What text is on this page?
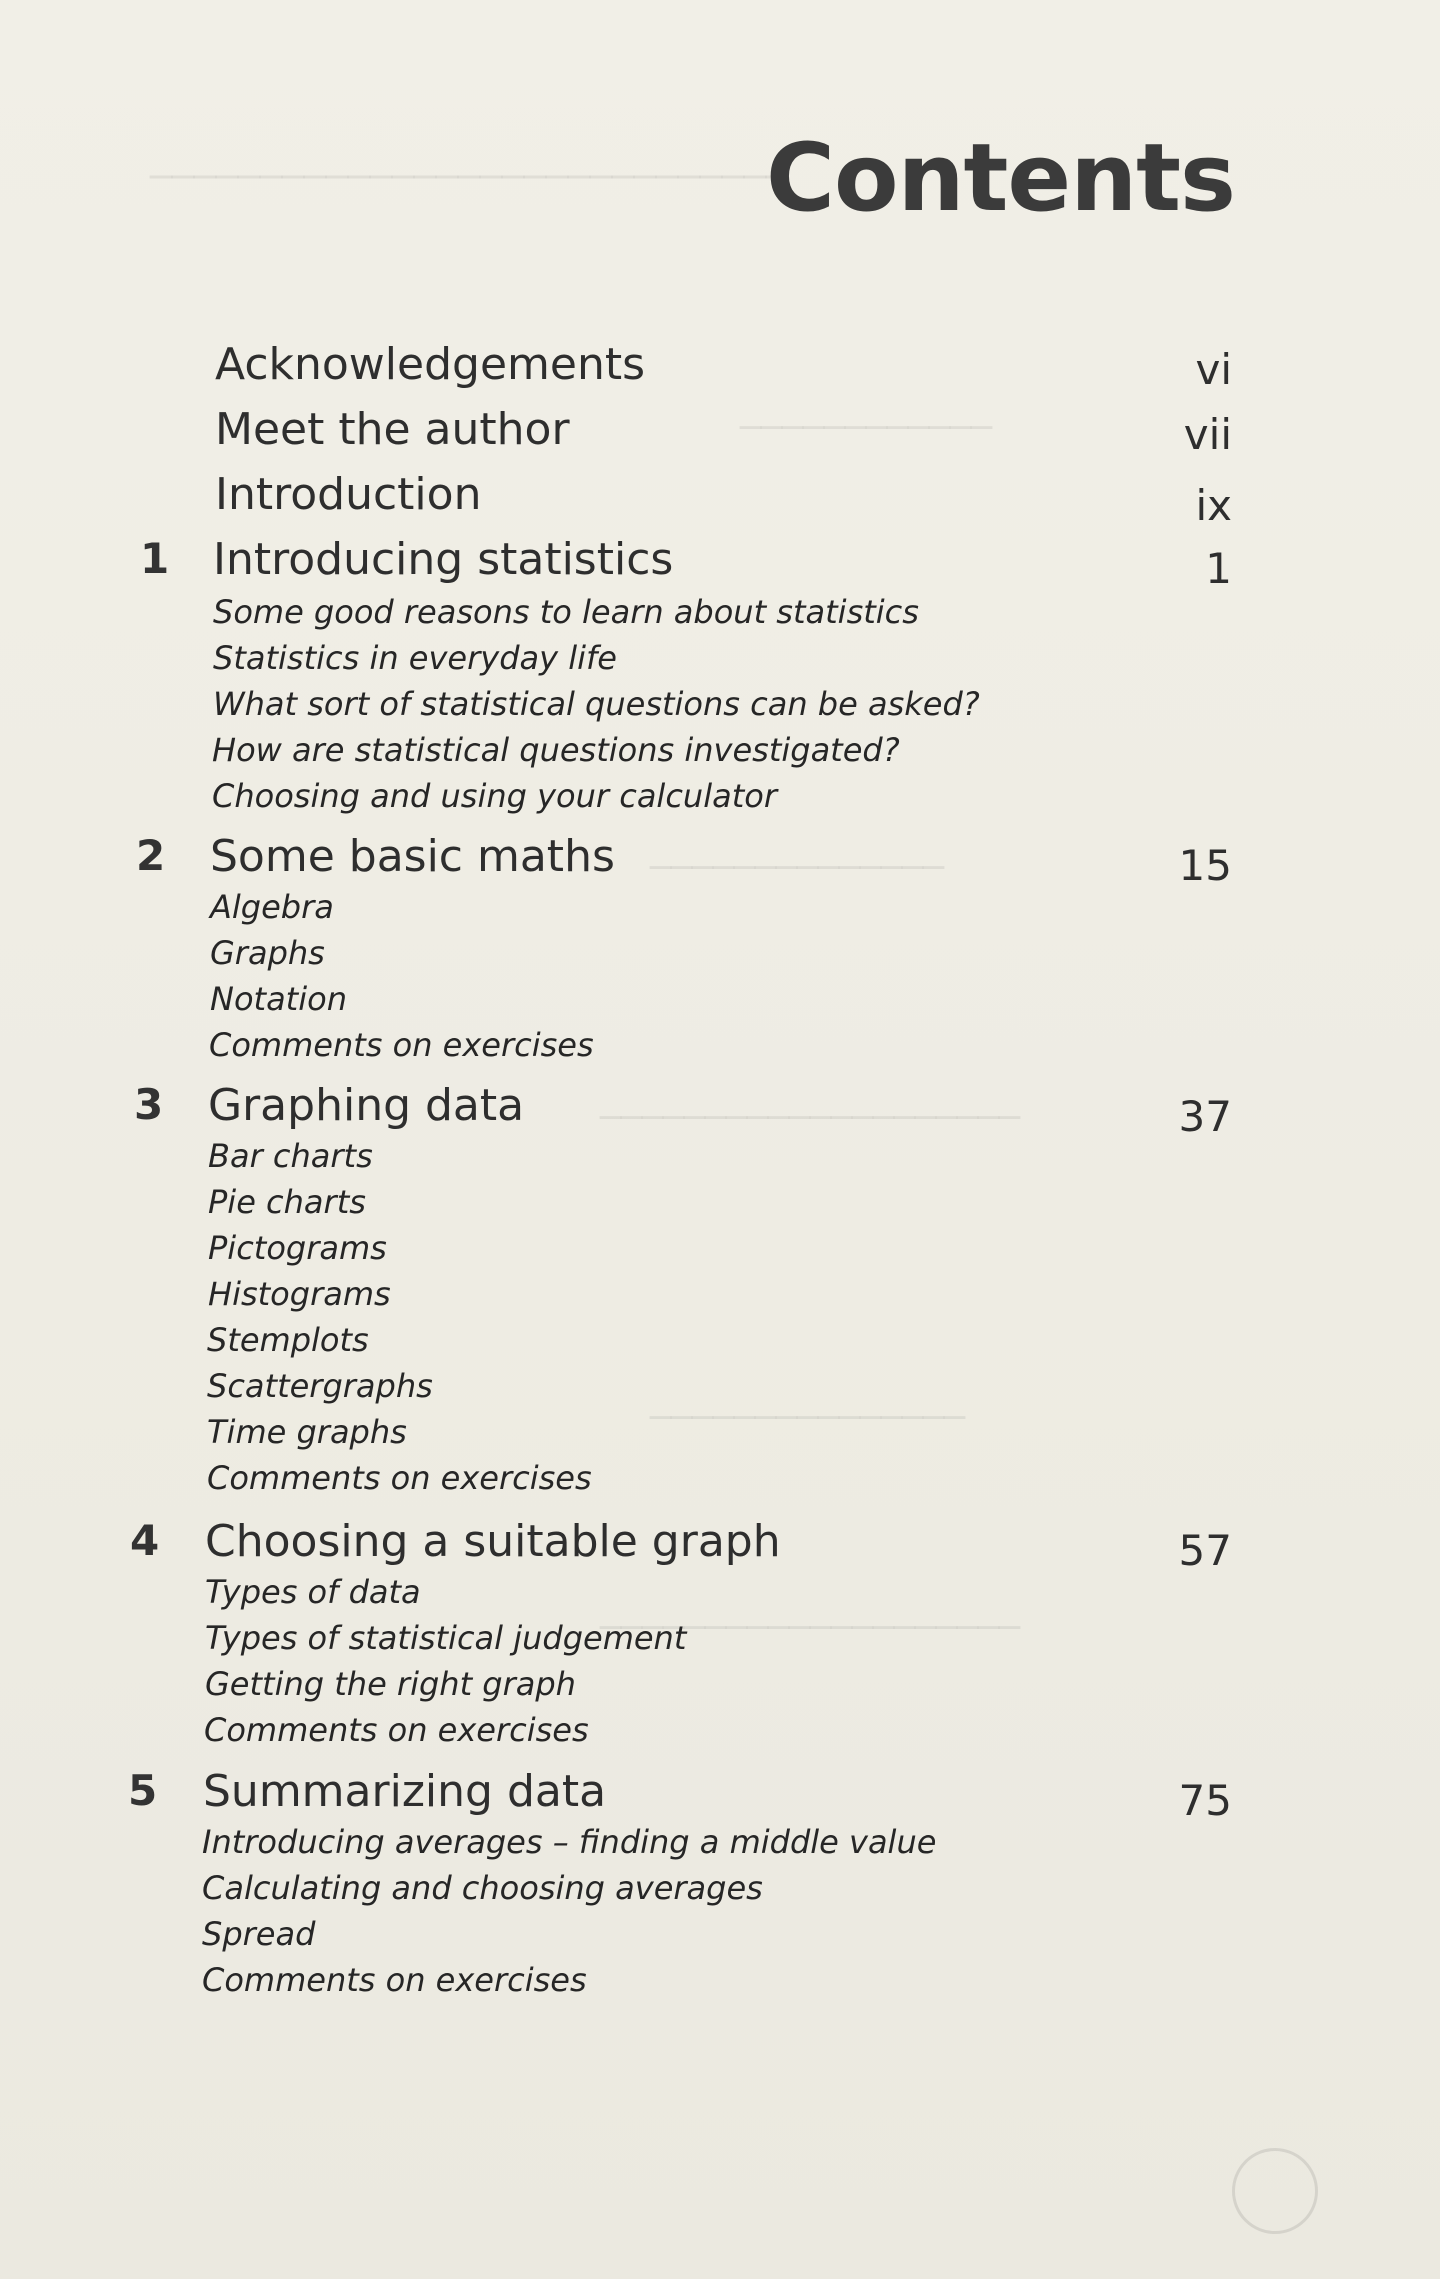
_____________________________
____________
______________
____________________
_______________
____________________
Contents
Acknowledgements	vi
Meet the author	vii
Introduction	ix
1 Introducing statistics	1
Some good reasons to learn about statistics
Statistics in everyday life
What sort of statistical questions can be asked?
How are statistical questions investigated?
Choosing and using your calculator
2 Some basic maths	15
Algebra
Graphs
Notation
Comments on exercises
3 Graphing data	37
Bar charts
Pie charts
Pictograms
Histograms
Stemplots
Scattergraphs
Time graphs
Comments on exercises
4 Choosing a suitable graph	57
Types of data
Types of statistical judgement
Getting the right graph
Comments on exercises
5 Summarizing data	75
Introducing averages – finding a middle value
Calculating and choosing averages
Spread
Comments on exercises
